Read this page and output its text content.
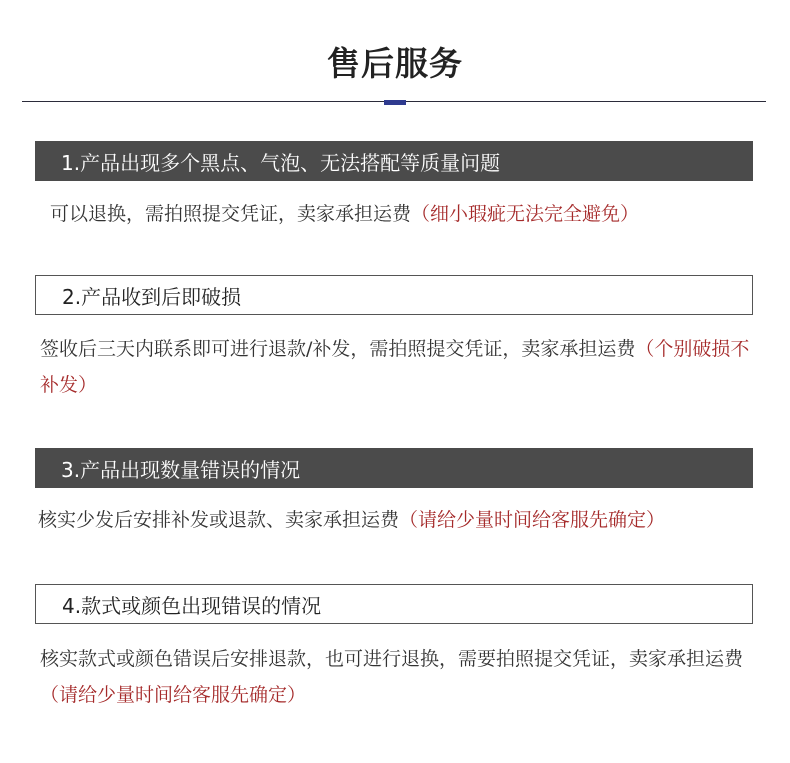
售后服务
1.产品出现多个黑点、气泡、无法搭配等质量问题
可以退换，需拍照提交凭证，卖家承担运费（细小瑕疵无法完全避免）
2.产品收到后即破损
签收后三天内联系即可进行退款/补发，需拍照提交凭证，卖家承担运费（个别破损不补发）
3.产品出现数量错误的情况
核实少发后安排补发或退款、卖家承担运费（请给少量时间给客服先确定）
4.款式或颜色出现错误的情况
核实款式或颜色错误后安排退款，也可进行退换，需要拍照提交凭证，卖家承担运费（请给少量时间给客服先确定）
